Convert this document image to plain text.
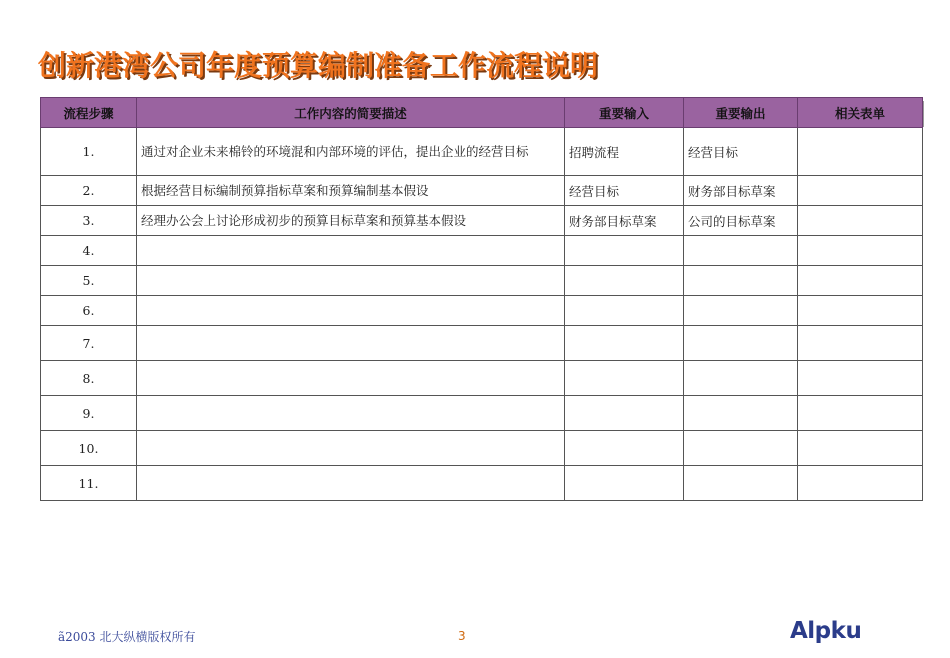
创新港湾公司年度预算编制准备工作流程说明
流程步骤	工作内容的简要描述	重要输入	重要输出	相关表单
1.	通过对企业未来棉铃的环境混和内部环境的评估，提出企业的经营目标	招聘流程	经营目标	
2.	根据经营目标编制预算指标草案和预算编制基本假设	经营目标	财务部目标草案	
3.	经理办公会上讨论形成初步的预算目标草案和预算基本假设	财务部目标草案	公司的目标草案	
4.				
5.				
6.				
7.				
8.				
9.				
10.				
11.				
ã2003 北大纵横版权所有	3	Alpku
